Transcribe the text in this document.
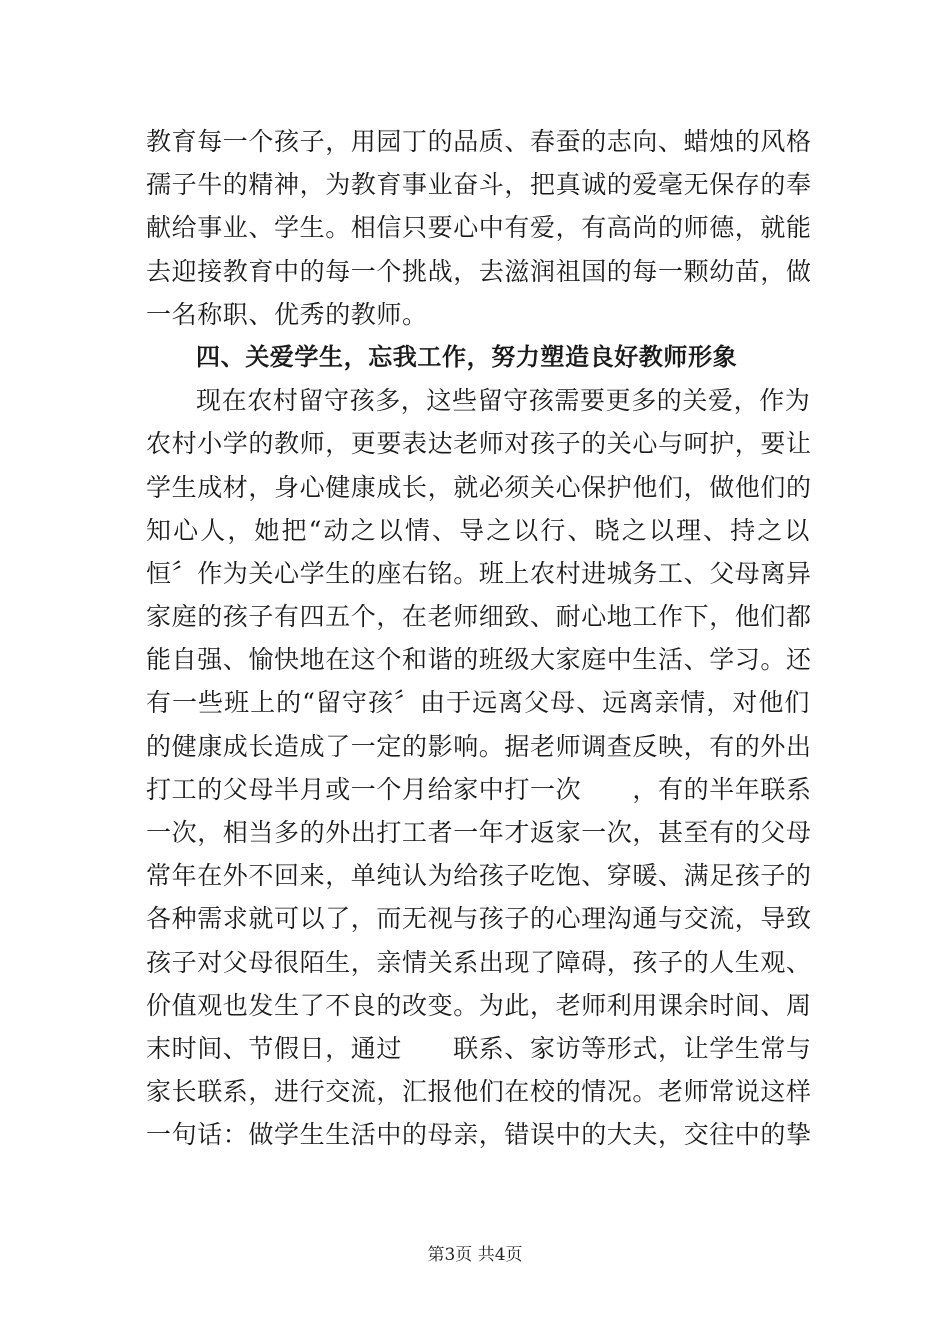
教育每一个孩子，用园丁的品质、春蚕的志向、蜡烛的风格
孺子牛的精神，为教育事业奋斗，把真诚的爱毫无保存的奉
献给事业、学生。相信只要心中有爱，有高尚的师德，就能
去迎接教育中的每一个挑战，去滋润祖国的每一颗幼苗，做
一名称职、优秀的教师。
四、关爱学生，忘我工作，努力塑造良好教师形象
现在农村留守孩多，这些留守孩需要更多的关爱，作为
农村小学的教师，更要表达老师对孩子的关心与呵护，要让
学生成材，身心健康成长，就必须关心保护他们，做他们的
知心人，她把“动之以情、导之以行、晓之以理、持之以
恒〞作为关心学生的座右铭。班上农村进城务工、父母离异
家庭的孩子有四五个，在老师细致、耐心地工作下，他们都
能自强、愉快地在这个和谐的班级大家庭中生活、学习。还
有一些班上的“留守孩〞由于远离父母、远离亲情，对他们
的健康成长造成了一定的影响。据老师调查反映，有的外出
打工的父母半月或一个月给家中打一次　　，有的半年联系
一次，相当多的外出打工者一年才返家一次，甚至有的父母
常年在外不回来，单纯认为给孩子吃饱、穿暖、满足孩子的
各种需求就可以了，而无视与孩子的心理沟通与交流，导致
孩子对父母很陌生，亲情关系出现了障碍，孩子的人生观、
价值观也发生了不良的改变。为此，老师利用课余时间、周
末时间、节假日，通过　　联系、家访等形式，让学生常与
家长联系，进行交流，汇报他们在校的情况。老师常说这样
一句话：做学生生活中的母亲，错误中的大夫，交往中的挚
第3页 共4页
